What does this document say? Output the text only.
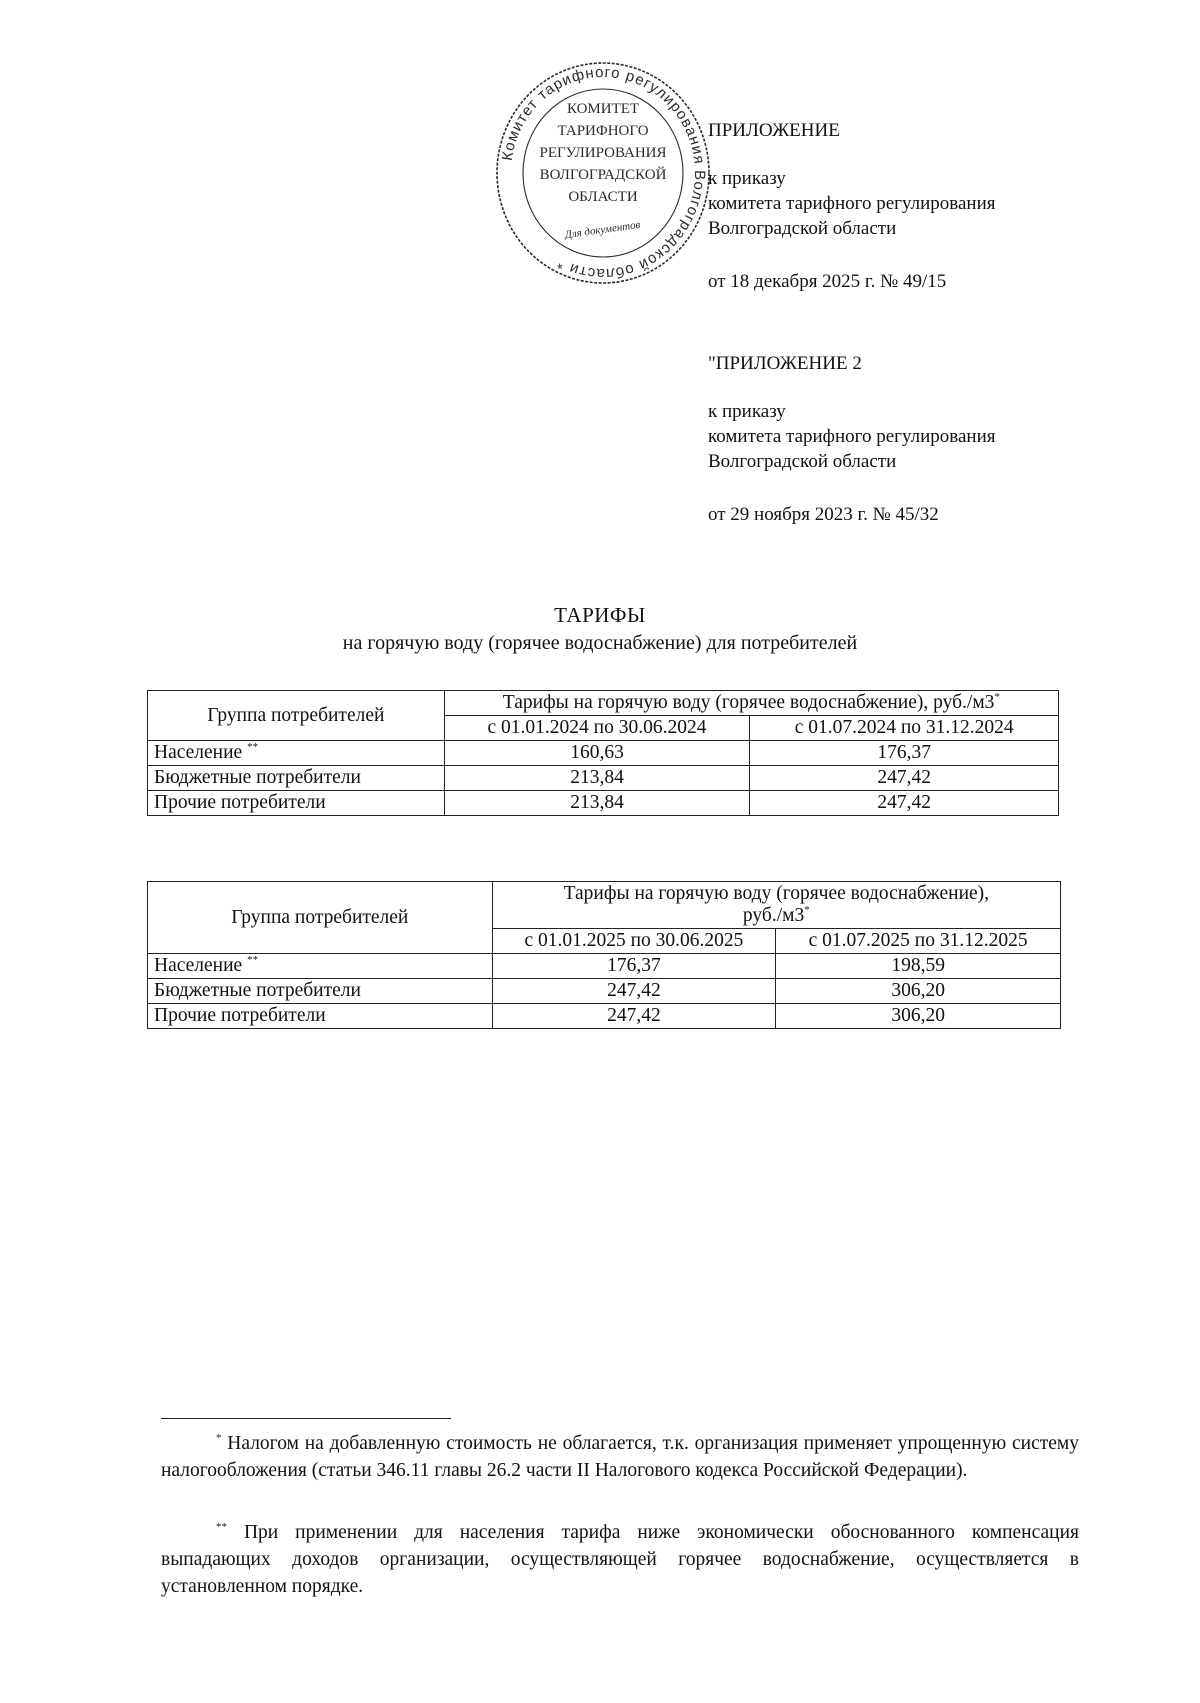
Комитет тарифного регулирования Волгоградской области *
КОМИТЕТ
ТАРИФНОГО
РЕГУЛИРОВАНИЯ
ВОЛГОГРАДСКОЙ
ОБЛАСТИ
Для документов
ПРИЛОЖЕНИЕ
к приказу
комитета тарифного регулирования
Волгоградской области
от 18 декабря 2025 г. № 49/15
"ПРИЛОЖЕНИЕ 2
к приказу
комитета тарифного регулирования
Волгоградской области
от 29 ноября 2023 г. № 45/32
ТАРИФЫ
на горячую воду (горячее водоснабжение) для потребителей
Группа потребителей	Тарифы на горячую воду (горячее водоснабжение), руб./м3*
	с 01.01.2024 по 30.06.2024	с 01.07.2024 по 31.12.2024
Население **	160,63	176,37
Бюджетные потребители	213,84	247,42
Прочие потребители	213,84	247,42
Группа потребителей	Тарифы на горячую воду (горячее водоснабжение),
руб./м3*

	с 01.01.2025 по 30.06.2025	с 01.07.2025 по 31.12.2025
Население **	176,37	198,59
Бюджетные потребители	247,42	306,20
Прочие потребители	247,42	306,20
* Налогом на добавленную стоимость не облагается, т.к. организация применяет упрощенную систему налогообложения (статьи 346.11 главы 26.2 части II Налогового кодекса Российской Федерации).
** При применении для населения тарифа ниже экономически обоснованного компенсация выпадающих доходов организации, осуществляющей горячее водоснабжение, осуществляется в установленном порядке.
